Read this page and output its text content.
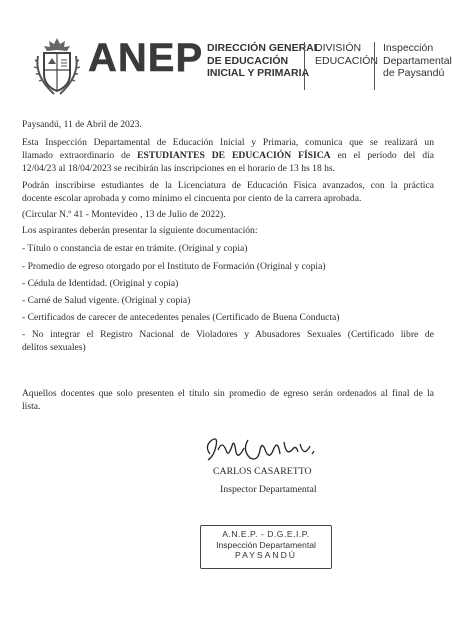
ANEP DIRECCIÓN GENERAL
DE EDUCACIÓN
INICIAL Y PRIMARIA
DIVISIÓN
EDUCACIÓN
Inspección
Departamental
de Paysandú
Paysandú, 11 de Abril de 2023.
Esta Inspección Departamental de Educación Inicial y Primaria, comunica que se realizará un
llamado extraordinario de ESTUDIANTES DE EDUCACIÓN FÍSICA en el período del día
12/04/23 al 18/04/2023 se recibirán las inscripciones en el horario de 13 hs 18 hs.
Podrán inscribirse estudiantes de la Licenciatura de Educación Física avanzados, con la práctica
docente escolar aprobada y como mínimo el cincuenta por ciento de la carrera aprobada.
(Circular N.º 41 - Montevideo , 13 de Julio de 2022).
Los aspirantes deberán presentar la siguiente documentación:
- Título o constancia de estar en trámite. (Original y copia)
- Promedio de egreso otorgado por el Instituto de Formación (Original y copia)
- Cédula de Identidad. (Original y copia)
- Carné de Salud vigente. (Original y copia)
- Certificados de carecer de antecedentes penales (Certificado de Buena Conducta)
- No integrar el Registro Nacional de Violadores y Abusadores Sexuales (Certificado libre de
delitos sexuales)
Aquellos docentes que solo presenten el título sin promedio de egreso serán ordenados al final de la
lista.
CARLOS CASARETTO
Inspector Departamental
A.N.E.P. - D.G.E.I.P.
Inspección Departamental
PAYSANDÚ
